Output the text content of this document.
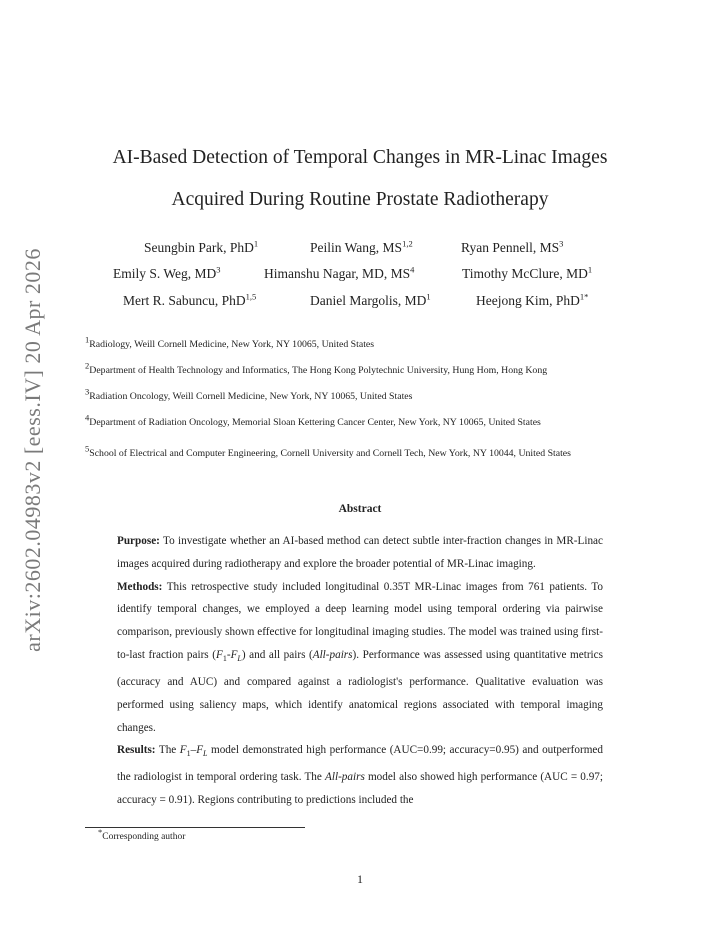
arXiv:2602.04983v2 [eess.IV] 20 Apr 2026
AI-Based Detection of Temporal Changes in MR-Linac Images
Acquired During Routine Prostate Radiotherapy
Seungbin Park, PhD$^1$	Peilin Wang, MS$^{1,2}$	Ryan Pennell, $MS^3$
Emily S. Weg, $MD^3$	Himanshu Nagar, MD, $MS^4$	Timothy McClure, $MD^1$
Mert R. Sabuncu, PhD$^{1,5}$	Daniel Margolis, $MD^1$	Heejong Kim, PhD$^{1*}$
$^1$Radiology, Weill Cornell Medicine, New York, NY 10065, United States
$^2$Department of Health Technology and Informatics, The Hong Kong Polytechnic University, Hung Hom, Hong Kong
$^3$Radiation Oncology, Weill Cornell Medicine, New York, NY 10065, United States
$^4$Department of Radiation Oncology, Memorial Sloan Kettering Cancer Center, New York, NY 10065, United States
$^5$School of Electrical and Computer Engineering, Cornell University and Cornell Tech, New York, NY 10044, United States
Abstract

Purpose: To investigate whether an AI-based method can detect subtle inter-fraction changes in MR-Linac images acquired during radiotherapy and explore the broader potential of MR-Linac imaging.

Methods: This retrospective study included longitudinal 0.35T MR-Linac images from 761 patients. To identify temporal changes, we employed a deep learning model using temporal ordering via pairwise comparison, previously shown effective for longitudinal imaging studies. The model was trained using first-to-last fraction pairs $(F_1-F_L)$ and all pairs (All-pairs). Performance was assessed using quantitative metrics (accuracy and AUC) and compared against a radiologist's performance. Qualitative evaluation was performed using saliency maps, which identify anatomical regions associated with temporal imaging changes.

Results: The $F_1-F_L$ model demonstrated high performance (AUC=0.99; accuracy=0.95) and outperformed the radiologist in temporal ordering task. The All-pairs model also showed high performance (AUC = 0.97; accuracy = 0.91). Regions contributing to predictions included the

*Corresponding author
1
